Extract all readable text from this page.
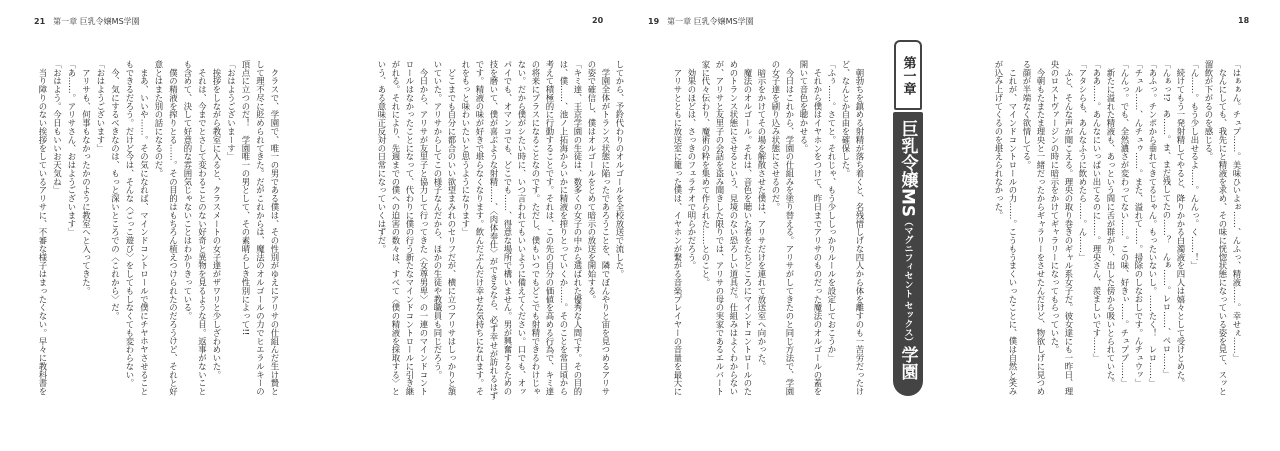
21 第一章 巨乳令嬢MS学園	20	19 第一章 巨乳令嬢MS学園	18
「はぁぁん。チュプ……。美味ひいよぉ……、んふっ、精液……。幸せぇ……」
　なんにしても、我先にと精液を求め、その味に恍惚状態になっている姿を見て、スッと
溜飲が下がるのを感じる。
「ん……。もう少し出せるよ……。んんっ。く……！」
　続けてもう一発射精してやると、降りかかる白濁液を四人は嬉々として受けとめた。
「んぁっ!?　あ……。ま、まだ残してたの……？　んぁ……。レロ……、ペロ……」
「あふっ。チンポから垂れてきてるじゃん。もったいないし。……たく！　レロ……」
「チュル……、んチュゥ……。また、溢れて……。掃除のしなおしです。んチュウッ」
「んんっ。でも、全然濃さが変わってない……。この味、好きぃ……。チュププ……」
　新たに溢れた精液も、あっという間に舌が群がり、出した傍から吸いとられていた。
「ああ……。あんなにいっぱい出てるのに……。理央さん、羨ましいです……」
「アタシらも、あんなふうに飲めたら……。ん……」
　ふと、そんな声が聞こえる。理央の取り巻きのギャル系女子だ。彼女達にも一昨日、理
央のロストヴァージンの時に暗示をかけてギャラリーになってもらっていた。
　今朝もたまたま理央と一緒だったからギャラリーをさせたんだけど、物欲しげに見つめ
る顔が半端なく欲情してる。
　これが、マインドコントロールの力……。こうもうまくいったことに、僕は自然と笑み
が込み上げてくるのを堪えられなかった。
　朝勃ちを鎮める射精が落ち着くと、名残惜しげな四人から体を離すのも一苦労だったけ
ど、なんとか自由を確保した。
「ふぅ……。さてと。それじゃ、もう少ししっかりルールを設定しておこうか」
　それから僕はイヤホンをつけて、昨日までアリサのものだった魔法のオルゴールの蓋を
開いて音色を聴かせる。
　今日はこれから、学園の仕組みを塗り替える。アリサがしてきたのと同じ方法で、学園
の女子達を刷り込み状態にさせるのだ。
　暗示をかけてその場を解散させた僕は、アリサだけを連れて放送室へ向かった。
　魔法のオルゴール。それは、音色を聴いた者をたちどころにマインドコントロールのた
めのトランス状態にさせるという、見境のない恐ろしい道具だ。仕組みはよくわからない
が、アリサと友里子の会話を盗み聞きした限りでは、アリサの母の実家であるエルバート
家に代々伝わり、魔術の粋を集めて作られた……とのこと。
　効果のほどは、さっきのフェラチオで明らかだろう。
　アリサとともに放送室に籠った僕は、イヤホンが繋がる音楽プレイヤーの音量を最大に
してから、予鈴代わりのオルゴールを全校放送で流した。
　学園全体がトランス状態に陥ったであろうことを、隣でぼんやりと宙を見つめるアリサ
の姿で確信し、僕はオルゴールをとめて暗示の放送を開始する。
「キミ達、王京学園の生徒は、数多くの女子の中から選ばれた優秀な人間です。その目的
は、僕……、池ノ上拓海からいかに精液を搾りとっていくか……。そのことを常日頃から
考えて積極的に行動することです。それは、この先の自分の価値を高める行為で、キミ達
の将来にプラスになることなのです。ただし、僕もいつでもどこでも射精できるわけじゃ
ない。だから僕がシたい時に、いつ言われてもいいように備えてください。口でも、オッ
パイでも、オマンコでも、どこでも……、得意な場所で構いません。男が興奮するための
技を磨いて、僕が喜ぶような射精……、〈肉体奉仕〉ができるなら、必ず幸せが訪れるはず
です。精液の味が好きで堪らなくなります。飲んだぶんだけ幸せな気持ちになれます。そ
れをもっと味わいたいと思うようになります」
　どこまでも自分に都合のいい欲望まみれのセリフだが、横に立つアリサはしっかりと頷
いていた。アリサからしてこの様子なんだから、ほかの生徒や教職員も同じだろう。
　今日から、アリサが友里子と協力して行ってきた〈女尊男卑〉の一連のマインドコント
ロールはなかったことになって、代わりに僕の行う新たなマインドコントロールに引き継
がれる。それにより、先週までの僕への迫害の数々は、すべて〈僕の精液を採取する〉と
いう、ある意味正反対の日常になっていくはずだ。
　クラスで、学園で、唯一の男である僕は、その性別がゆえにアリサの仕組んだ生け贄と
して理不尽に貶められてきた。だがこれからは、魔法のオルゴールの力でヒエラルキーの
頂点に立つのだ！　学園唯一の男として、その素晴らしき性別によって!!
「おはようございまーす」
　挨拶をしながら教室に入ると、クラスメートの女子達がザワリと少しざわめいた。
　それは、今までとさして変わることのない好奇と異物を見るような目。返事がないこと
も含めて、決して好意的な雰囲気じゃないことはわかりきっている。
　僕の精液を搾りとる……。その目的はもちろん植えつけられたのだろうけど、それと好
意とはまた別の話になるのだ。
　まあ、いいや……。その気になれば、マインドコントロールで僕にチヤホヤさせること
もできるだろう。だけど今は、そんな〈ごっこ遊び〉をしてもしなくても変わらない。
　今、気にするべきなのは、もっと深いところでの〈これから〉だ。
「おはようございます」
　アリサも、何事もなかったかのように教室へと入ってきた。
「あ……。アリサさん、おはようございます」
「おはよう。今日もいいお天気ね」
　当り障りのない挨拶をしているアリサに、不審な様子はまったくない。早々に教科書を	第一章
巨乳令嬢MS
（マグニフィセント セックス）
学園
